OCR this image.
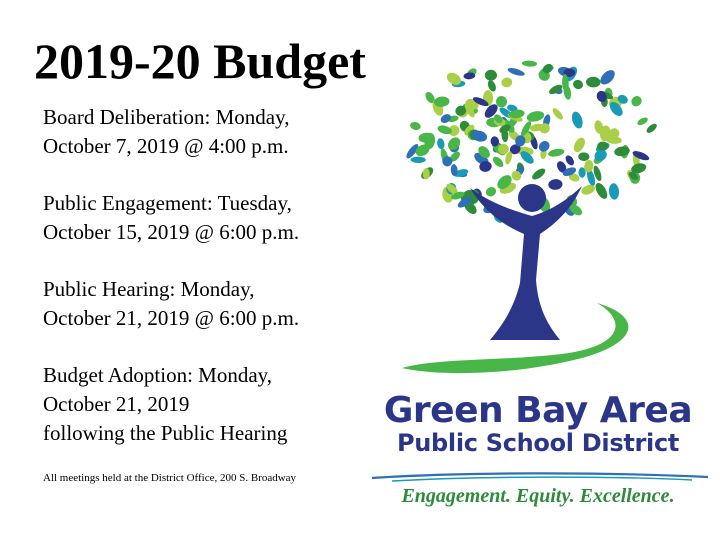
2019-20 Budget
Board Deliberation: Monday,
October 7, 2019 @ 4:00 p.m.
Public Engagement: Tuesday,
October 15, 2019 @ 6:00 p.m.
Public Hearing: Monday,
October 21, 2019 @ 6:00 p.m.
Budget Adoption: Monday,
October 21, 2019
following the Public Hearing
All meetings held at the District Office, 200 S. Broadway
Green Bay Area
Public School District
Engagement. Equity. Excellence.
